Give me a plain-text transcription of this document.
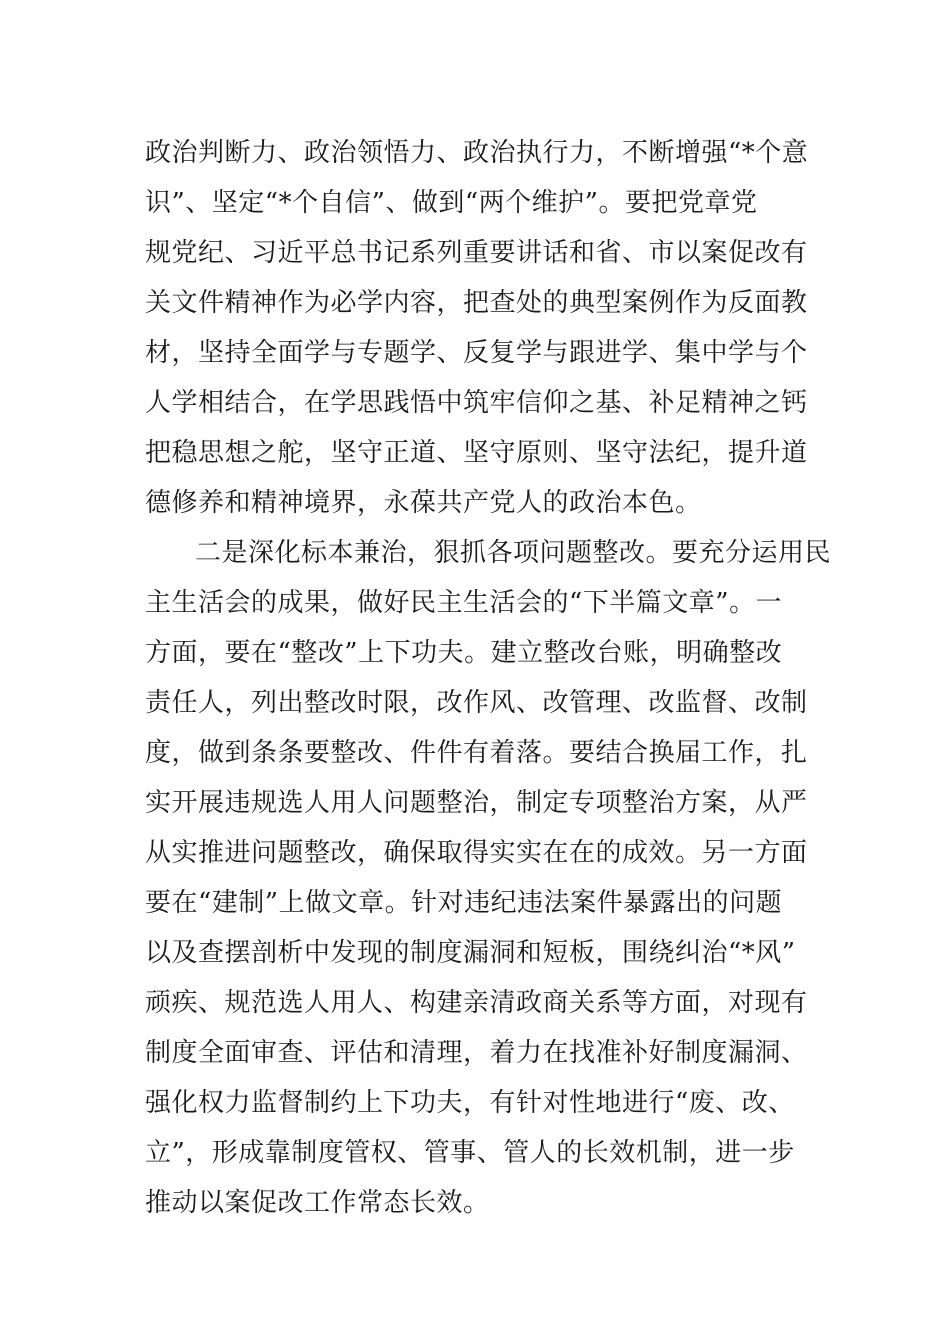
政治判断力、政治领悟力、政治执行力，不断增强“*个意
识”、坚定“*个自信”、做到“两个维护”。要把党章党
规党纪、习近平总书记系列重要讲话和省、市以案促改有
关文件精神作为必学内容，把查处的典型案例作为反面教
材，坚持全面学与专题学、反复学与跟进学、集中学与个
人学相结合，在学思践悟中筑牢信仰之基、补足精神之钙
把稳思想之舵，坚守正道、坚守原则、坚守法纪，提升道
德修养和精神境界，永葆共产党人的政治本色。
二是深化标本兼治，狠抓各项问题整改。要充分运用民
主生活会的成果，做好民主生活会的“下半篇文章”。一
方面，要在“整改”上下功夫。建立整改台账，明确整改
责任人，列出整改时限，改作风、改管理、改监督、改制
度，做到条条要整改、件件有着落。要结合换届工作，扎
实开展违规选人用人问题整治，制定专项整治方案，从严
从实推进问题整改，确保取得实实在在的成效。另一方面
要在“建制”上做文章。针对违纪违法案件暴露出的问题
以及查摆剖析中发现的制度漏洞和短板，围绕纠治“*风”
顽疾、规范选人用人、构建亲清政商关系等方面，对现有
制度全面审查、评估和清理，着力在找准补好制度漏洞、
强化权力监督制约上下功夫，有针对性地进行“废、改、
立”，形成靠制度管权、管事、管人的长效机制，进一步
推动以案促改工作常态长效。
